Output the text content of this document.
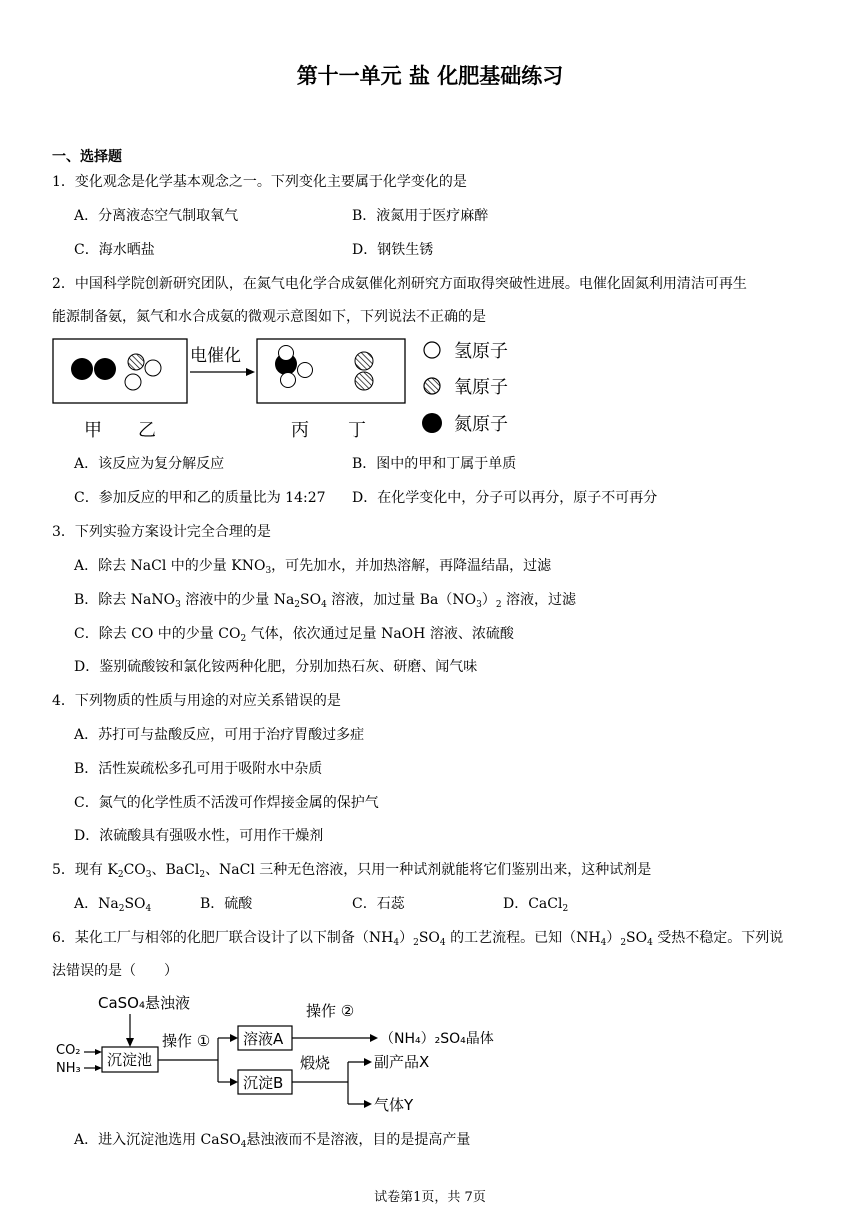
第十一单元 盐 化肥基础练习
一、选择题
1．变化观念是化学基本观念之一。下列变化主要属于化学变化的是
A．分离液态空气制取氧气	B．液氮用于医疗麻醉
C．海水晒盐	D．钢铁生锈
2．中国科学院创新研究团队，在氮气电化学合成氨催化剂研究方面取得突破性进展。电催化固氮利用清洁可再生
能源制备氨，氮气和水合成氨的微观示意图如下，下列说法不正确的是
电催化
甲 乙	丙 丁
氢原子
氧原子
氮原子
A．该反应为复分解反应	B．图中的甲和丁属于单质
C．参加反应的甲和乙的质量比为 14:27 D．在化学变化中，分子可以再分，原子不可再分
3．下列实验方案设计完全合理的是
A．除去 NaCl 中的少量 $KNO_3$，可先加水，并加热溶解，再降温结晶，过滤
B．除去 NaNO$_3$ 溶液中的少量 $Na_2SO_4$ 溶液，加过量 $Ba(NO_3)_2$ 溶液，过滤
C．除去 CO 中的少量 $CO_2$ 气体，依次通过足量 NaOH 溶液、浓硫酸
D．鉴别硫酸铵和氯化铵两种化肥，分别加热石灰、研磨、闻气味
4．下列物质的性质与用途的对应关系错误的是
A．苏打可与盐酸反应，可用于治疗胃酸过多症
B．活性炭疏松多孔可用于吸附水中杂质
C．氮气的化学性质不活泼可作焊接金属的保护气
D．浓硫酸具有强吸水性，可用作干燥剂
5．现有 $K_2CO_3$、BaCl$_2$、NaCl 三种无色溶液，只用一种试剂就能将它们鉴别出来，这种试剂是
A．$Na_2SO_4$	B．硫酸	C．石蕊	D．CaCl$_2$
6．某化工厂与相邻的化肥厂联合设计了以下制备$(NH_4)_2SO_4$ 的工艺流程。已知$(NH_4)_2SO_4$ 受热不稳定。下列说
法错误的是（　　）
CaSO₄悬浊液
CO₂
NH₃ 沉淀池
操作 ① 溶液A
操作 ②
（NH₄）₂SO₄晶体
沉淀B
煅烧	副产品X
气体Y
A．进入沉淀池选用 CaSO$_4$悬浊液而不是溶液，目的是提高产量
试卷第1页，共 7页
